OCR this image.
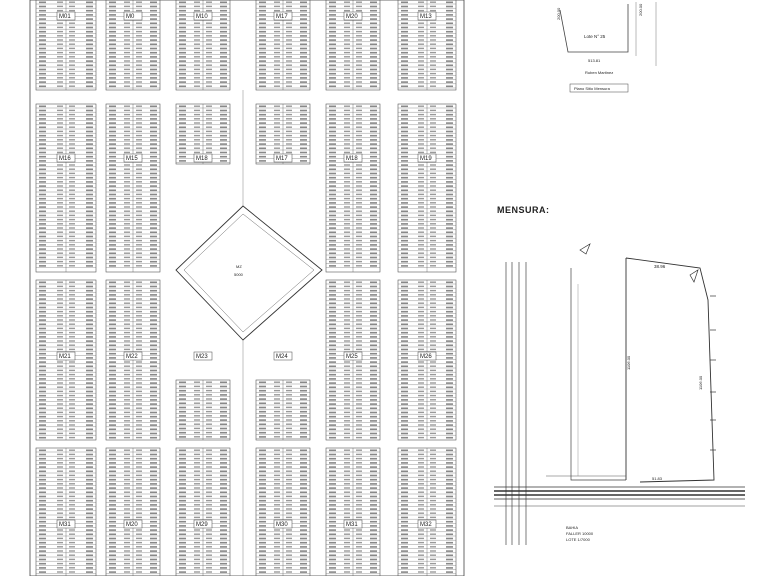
MZ
5000
M01	M0	M10	M17	M20	M13
M16	M15	M18	M17	M18	M19
M21	M22	M23	M24	M25	M26
M31	M20	M29	M30	M31	M32
Lote N° 25
200.00	200.00
513.81
Ruben Martinez
Plano Sitio Mensura
38.96
1106.00
1106.00
51.83
BAHIA
FALLER 10000
LOTE 1/7000
MENSURA:
